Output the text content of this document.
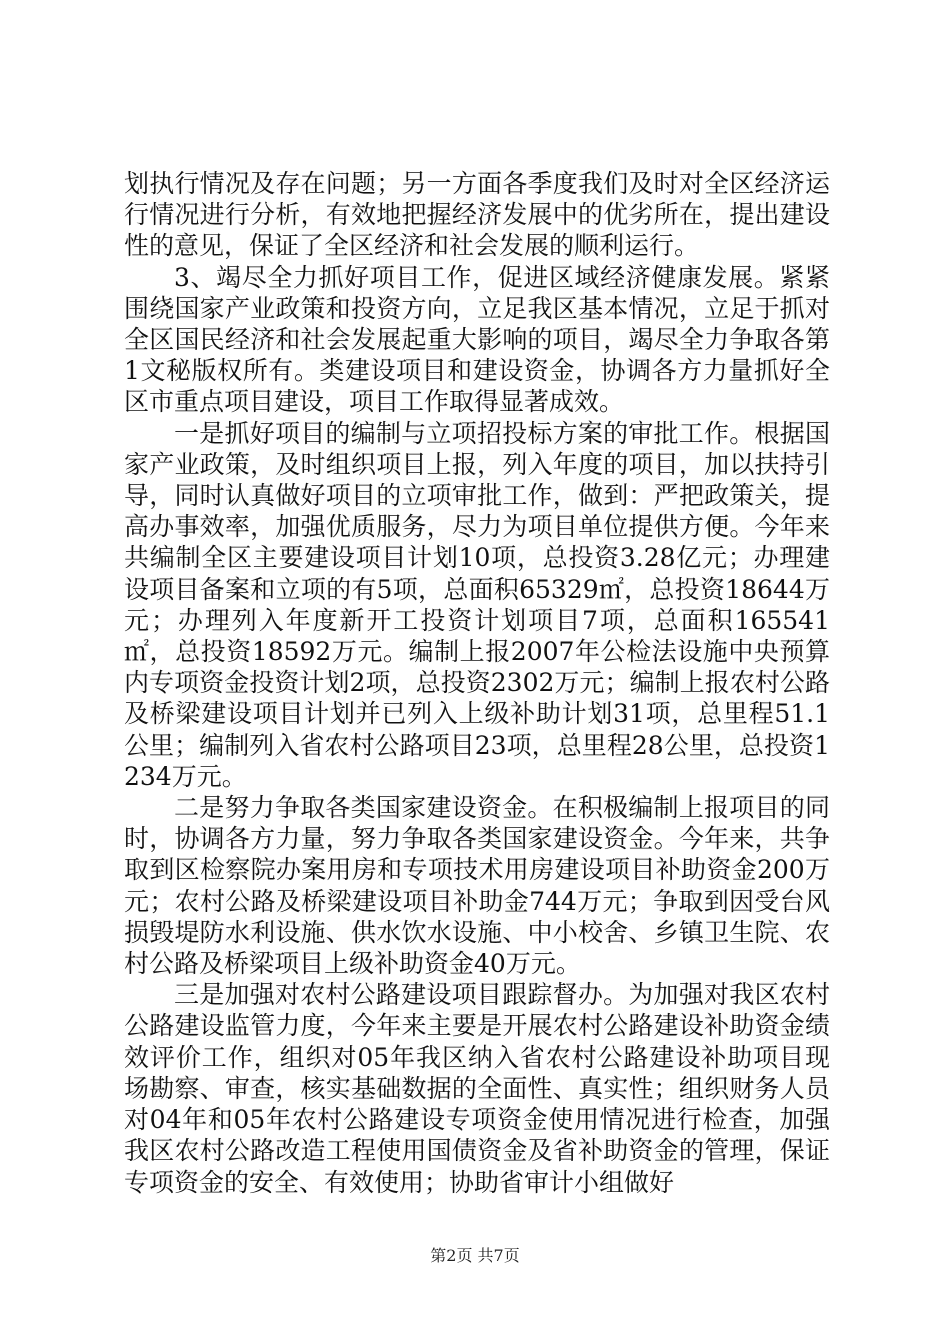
划执行情况及存在问题；另一方面各季度我们及时对全区经济运行情况进行分析，有效地把握经济发展中的优劣所在，提出建设性的意见，保证了全区经济和社会发展的顺利运行。

3、竭尽全力抓好项目工作，促进区域经济健康发展。紧紧围绕国家产业政策和投资方向，立足我区基本情况，立足于抓对全区国民经济和社会发展起重大影响的项目，竭尽全力争取各第1文秘版权所有。类建设项目和建设资金，协调各方力量抓好全区市重点项目建设，项目工作取得显著成效。

一是抓好项目的编制与立项招投标方案的审批工作。根据国家产业政策，及时组织项目上报，列入年度的项目，加以扶持引导，同时认真做好项目的立项审批工作，做到：严把政策关，提高办事效率，加强优质服务，尽力为项目单位提供方便。今年来共编制全区主要建设项目计划10项，总投资3.28亿元；办理建设项目备案和立项的有5项，总面积65329㎡，总投资18644万元；办理列入年度新开工投资计划项目7项，总面积165541㎡，总投资18592万元。编制上报2007年公检法设施中央预算内专项资金投资计划2项，总投资2302万元；编制上报农村公路及桥梁建设项目计划并已列入上级补助计划31项，总里程51.1公里；编制列入省农村公路项目23项，总里程28公里，总投资1234万元。

二是努力争取各类国家建设资金。在积极编制上报项目的同时，协调各方力量，努力争取各类国家建设资金。今年来，共争取到区检察院办案用房和专项技术用房建设项目补助资金200万元；农村公路及桥梁建设项目补助金744万元；争取到因受台风损毁堤防水利设施、供水饮水设施、中小校舍、乡镇卫生院、农村公路及桥梁项目上级补助资金40万元。

三是加强对农村公路建设项目跟踪督办。为加强对我区农村公路建设监管力度，今年来主要是开展农村公路建设补助资金绩效评价工作，组织对05年我区纳入省农村公路建设补助项目现场勘察、审查，核实基础数据的全面性、真实性；组织财务人员对04年和05年农村公路建设专项资金使用情况进行检查，加强我区农村公路改造工程使用国债资金及省补助资金的管理，保证专项资金的安全、有效使用；协助省审计小组做好

第2页 共7页
